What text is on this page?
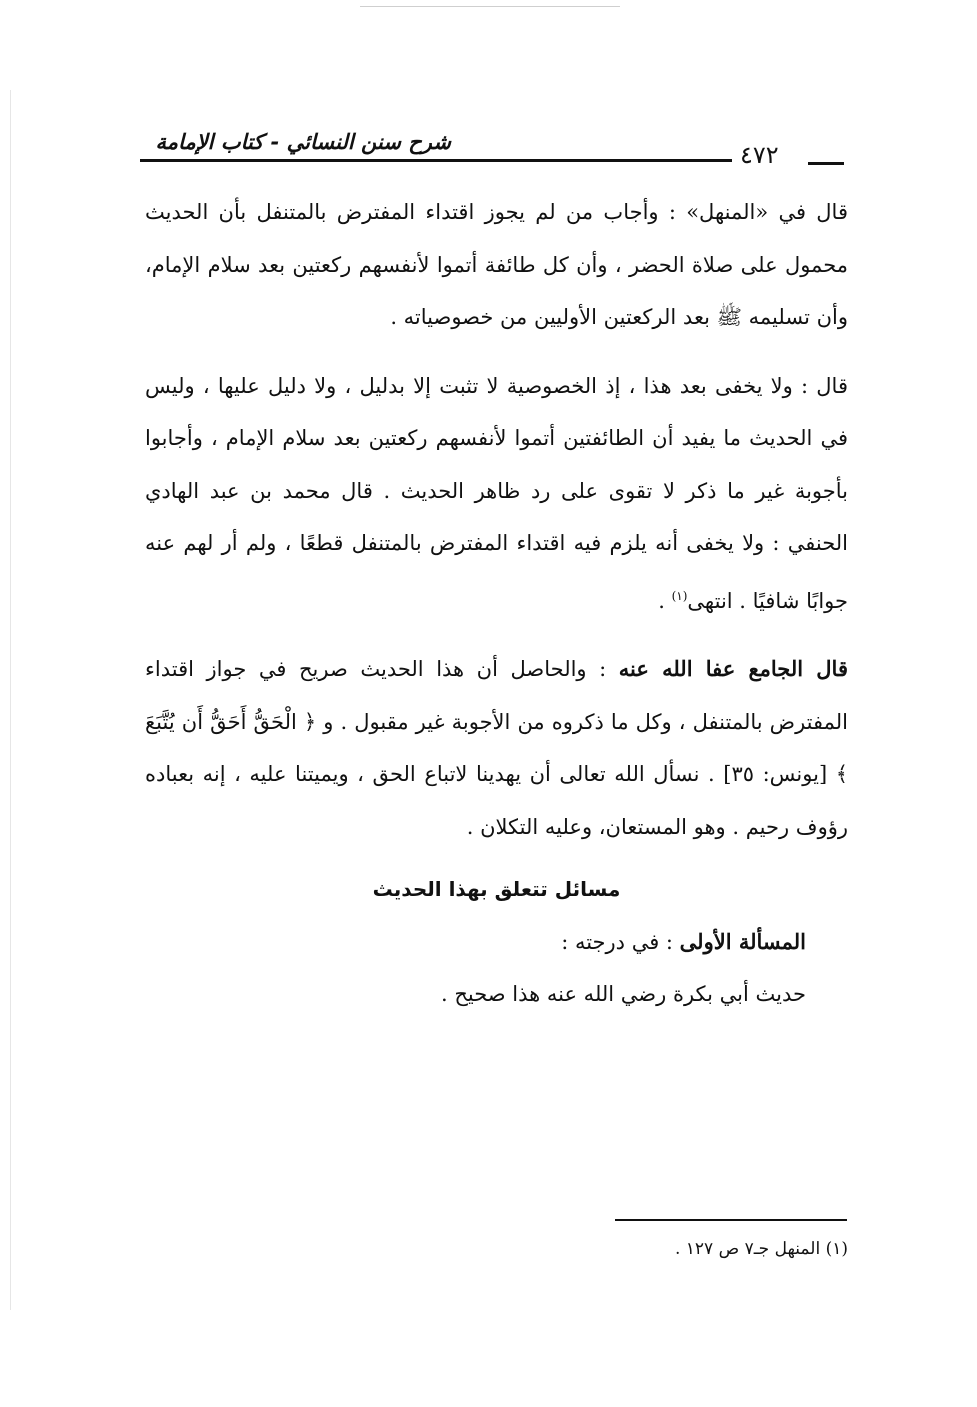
شرح سنن النسائي - كتاب الإمامة	٤٧٢

قال في «المنهل» : وأجاب من لم يجوز اقتداء المفترض بالمتنفل بأن الحديث محمول على صلاة الحضر ، وأن كل طائفة أتموا لأنفسهم ركعتين بعد سلام الإمام، وأن تسليمه ﷺ بعد الركعتين الأوليين من خصوصياته .

قال : ولا يخفى بعد هذا ، إذ الخصوصية لا تثبت إلا بدليل ، ولا دليل عليها ، وليس في الحديث ما يفيد أن الطائفتين أتموا لأنفسهم ركعتين بعد سلام الإمام ، وأجابوا بأجوبة غير ما ذكر لا تقوى على رد ظاهر الحديث . قال محمد بن عبد الهادي الحنفي : ولا يخفى أنه يلزم فيه اقتداء المفترض بالمتنفل قطعًا ، ولم أر لهم عنه جوابًا شافيًا . انتهى$^{(١)}$ .

قال الجامع عفا الله عنه : والحاصل أن هذا الحديث صريح في جواز اقتداء المفترض بالمتنفل ، وكل ما ذكروه من الأجوبة غير مقبول . و ﴿ الْحَقُّ أَحَقُّ أَن يُتَّبَعَ ﴾ [يونس: ٣٥] . نسأل الله تعالى أن يهدينا لاتباع الحق ، ويميتنا عليه ، إنه بعباده رؤوف رحيم . وهو المستعان، وعليه التكلان .

مسائل تتعلق بهذا الحديث

المسألة الأولى : في درجته :

حديث أبي بكرة رضي الله عنه هذا صحيح .

(١) المنهل جـ٧ ص ١٢٧ .
